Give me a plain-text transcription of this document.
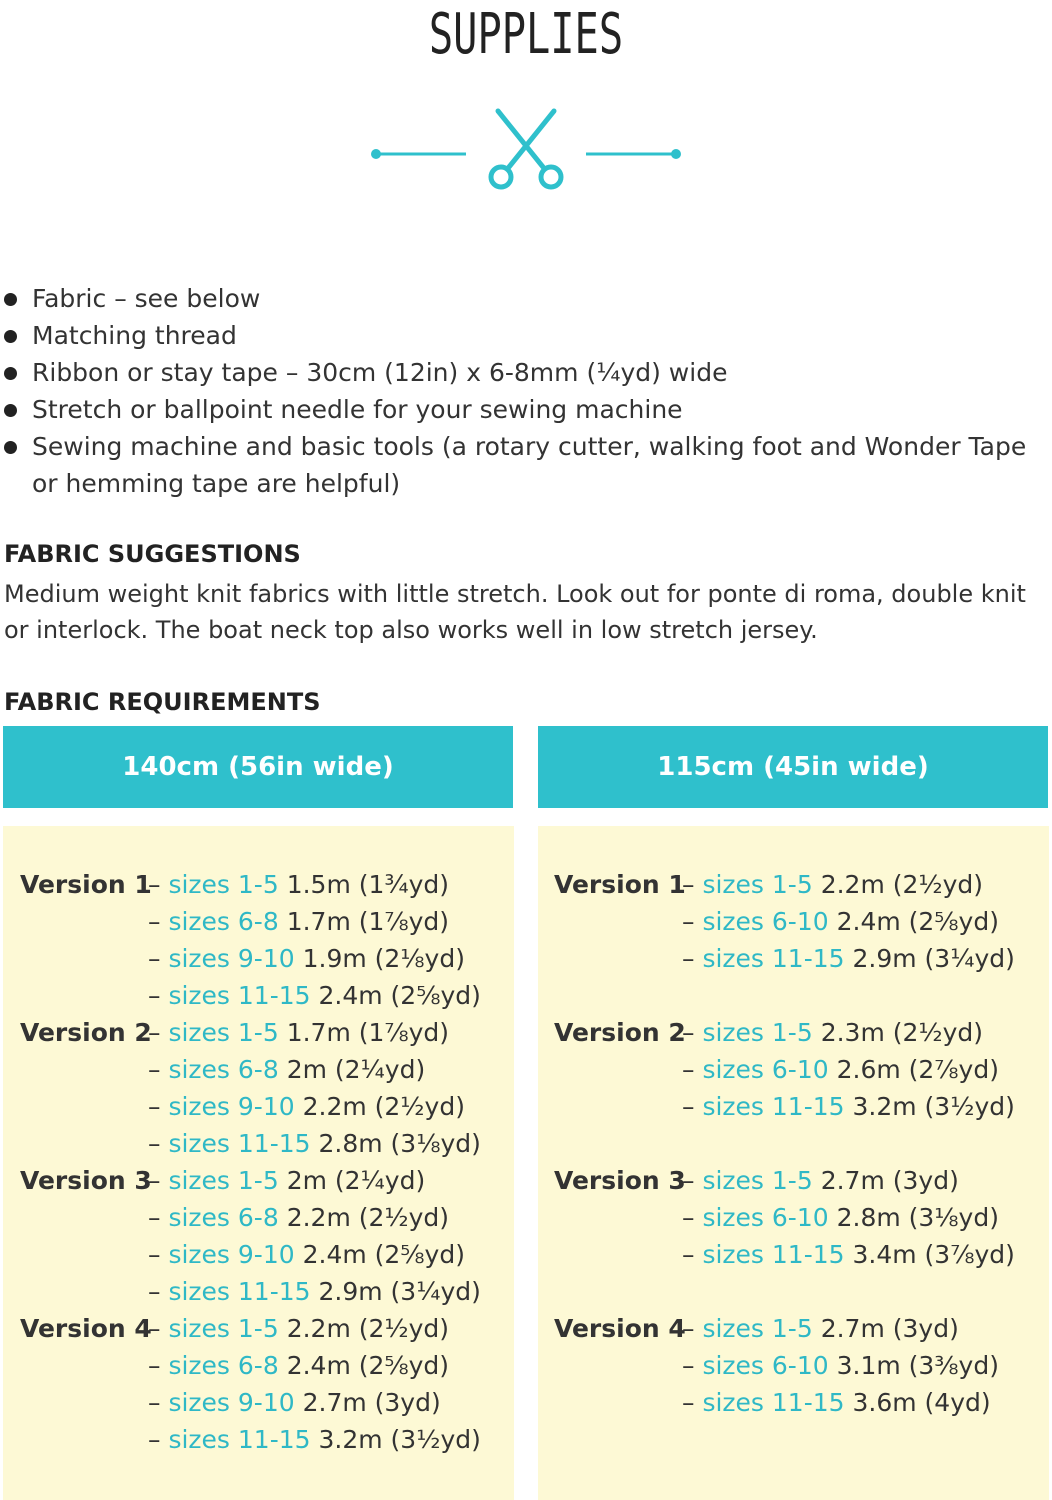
SUPPLIES
Fabric – see below
Matching thread
Ribbon or stay tape – 30cm (12in) x 6-8mm (¼yd) wide
Stretch or ballpoint needle for your sewing machine
Sewing machine and basic tools (a rotary cutter, walking foot and Wonder Tape or hemming tape are helpful)
FABRIC SUGGESTIONS

Medium weight knit fabrics with little stretch. Look out for ponte di roma, double knit or interlock. The boat neck top also works well in low stretch jersey.

FABRIC REQUIREMENTS
140cm (56in wide)	115cm (45in wide)
Version 1– sizes 1-5 1.5m (1¾yd)
– sizes 6-8 1.7m (1⅞yd)
– sizes 9-10 1.9m (2⅛yd)
– sizes 11-15 2.4m (2⅝yd)
Version 2– sizes 1-5 1.7m (1⅞yd)
– sizes 6-8 2m (2¼yd)
– sizes 9-10 2.2m (2½yd)
– sizes 11-15 2.8m (3⅛yd)
Version 3– sizes 1-5 2m (2¼yd)
– sizes 6-8 2.2m (2½yd)
– sizes 9-10 2.4m (2⅝yd)
– sizes 11-15 2.9m (3¼yd)
Version 4– sizes 1-5 2.2m (2½yd)
– sizes 6-8 2.4m (2⅝yd)
– sizes 9-10 2.7m (3yd)
– sizes 11-15 3.2m (3½yd)
Version 1– sizes 1-5 2.2m (2½yd)
– sizes 6-10 2.4m (2⅝yd)
– sizes 11-15 2.9m (3¼yd)
Version 2– sizes 1-5 2.3m (2½yd)
– sizes 6-10 2.6m (2⅞yd)
– sizes 11-15 3.2m (3½yd)
Version 3– sizes 1-5 2.7m (3yd)
– sizes 6-10 2.8m (3⅛yd)
– sizes 11-15 3.4m (3⅞yd)
Version 4– sizes 1-5 2.7m (3yd)
– sizes 6-10 3.1m (3⅜yd)
– sizes 11-15 3.6m (4yd)
